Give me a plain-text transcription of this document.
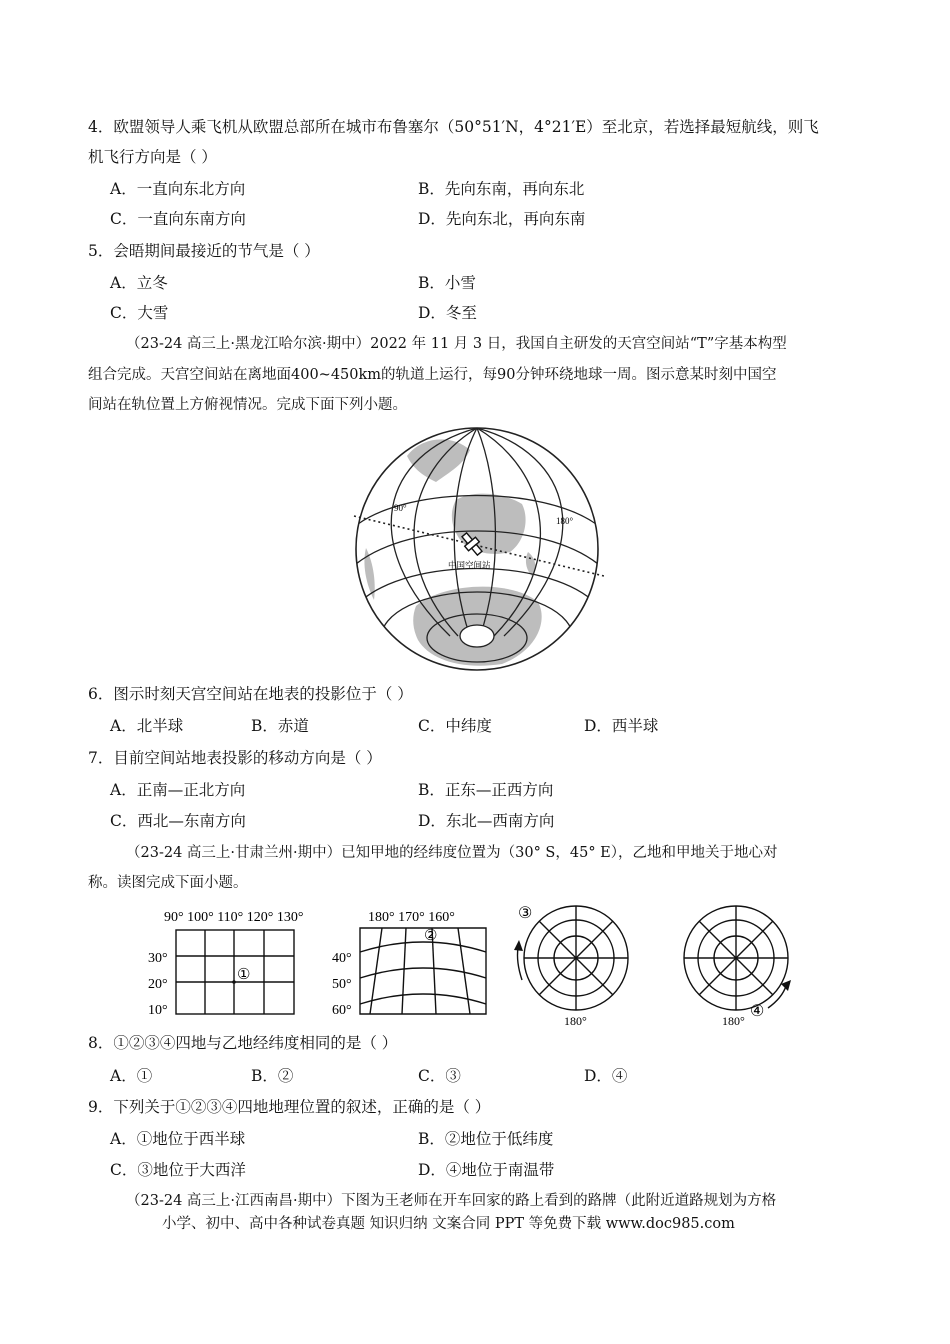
4．欧盟领导人乘飞机从欧盟总部所在城市布鲁塞尔（50°51′N，4°21′E）至北京，若选择最短航线，则飞
机飞行方向是（ ）
A．一直向东北方向	B．先向东南，再向东北
C．一直向东南方向	D．先向东北，再向东南
5．会晤期间最接近的节气是（ ）
A．立冬	B．小雪
C．大雪	D．冬至
（23-24 高三上·黑龙江哈尔滨·期中）2022 年 11 月 3 日，我国自主研发的天宫空间站“T”字基本构型
组合完成。天宫空间站在离地面400~450km的轨道上运行，每90分钟环绕地球一周。图示意某时刻中国空
间站在轨位置上方俯视情况。完成下面下列小题。
90°
180°
中国空间站
6．图示时刻天宫空间站在地表的投影位于（ ）
A．北半球	B．赤道	C．中纬度	D．西半球
7．目前空间站地表投影的移动方向是（ ）
A．正南—正北方向	B．正东—正西方向
C．西北—东南方向	D．东北—西南方向
（23-24 高三上·甘肃兰州·期中）已知甲地的经纬度位置为（30° S，45° E），乙地和甲地关于地心对
称。读图完成下面小题。
90° 100° 110° 120° 130°
30°
20°
10°
①
180° 170° 160°
40°
50°
60°
②
③
180°
④
180°
8．①②③④四地与乙地经纬度相同的是（ ）
A．①	B．②	C．③	D．④
9．下列关于①②③④四地地理位置的叙述，正确的是（ ）
A．①地位于西半球	B．②地位于低纬度
C．③地位于大西洋	D．④地位于南温带
（23-24 高三上·江西南昌·期中）下图为王老师在开车回家的路上看到的路牌（此附近道路规划为方格
小学、初中、高中各种试卷真题 知识归纳 文案合同 PPT 等免费下载 www.doc985.com
